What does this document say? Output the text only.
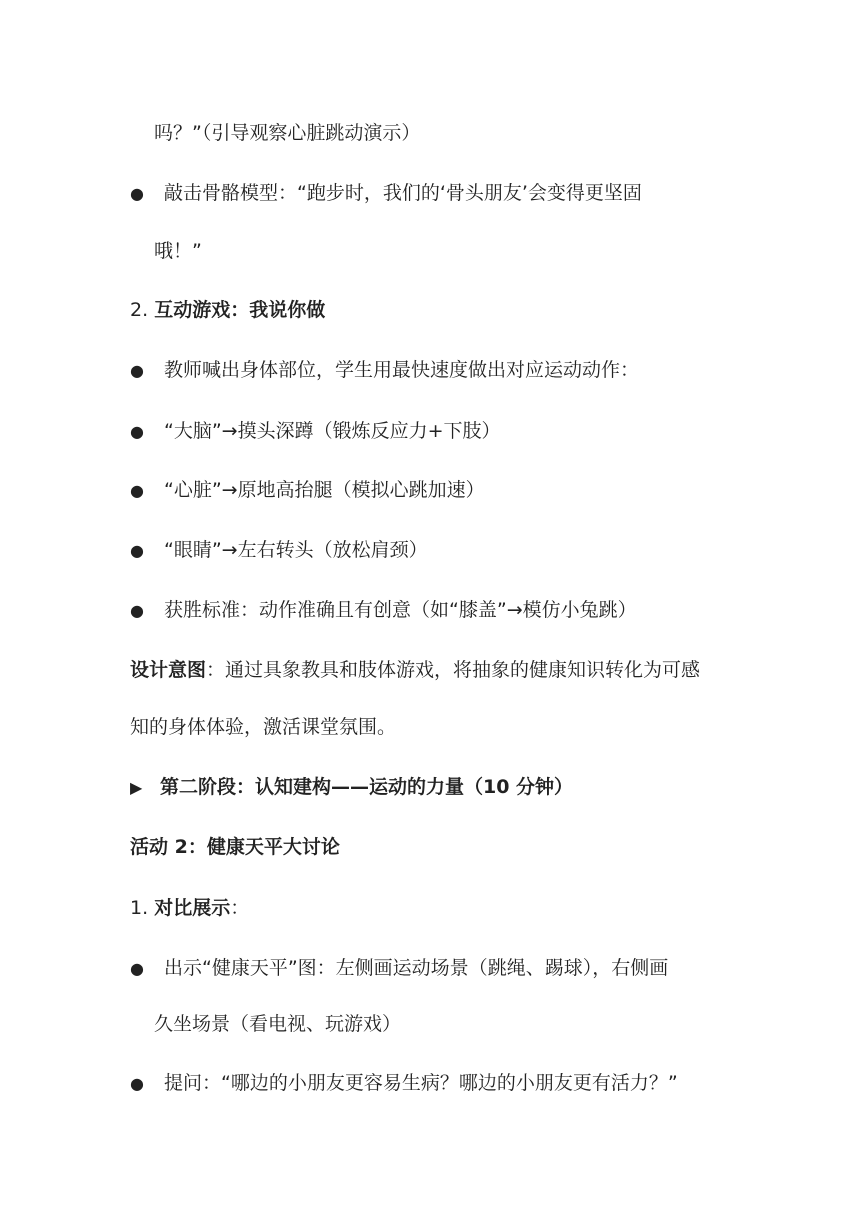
吗？”（引导观察心脏跳动演示）
● 敲击骨骼模型：“跑步时，我们的‘骨头朋友’会变得更坚固
哦！”
2. 互动游戏：我说你做
● 教师喊出身体部位，学生用最快速度做出对应运动动作：
● “大脑”→摸头深蹲（锻炼反应力+下肢）
● “心脏”→原地高抬腿（模拟心跳加速）
● “眼睛”→左右转头（放松肩颈）
● 获胜标准：动作准确且有创意（如“膝盖”→模仿小兔跳）
设计意图：通过具象教具和肢体游戏，将抽象的健康知识转化为可感
知的身体体验，激活课堂氛围。
▶ 第二阶段：认知建构——运动的力量（10 分钟）
活动 2：健康天平大讨论
1. 对比展示：
● 出示“健康天平”图：左侧画运动场景（跳绳、踢球），右侧画
久坐场景（看电视、玩游戏）
● 提问：“哪边的小朋友更容易生病？哪边的小朋友更有活力？”
